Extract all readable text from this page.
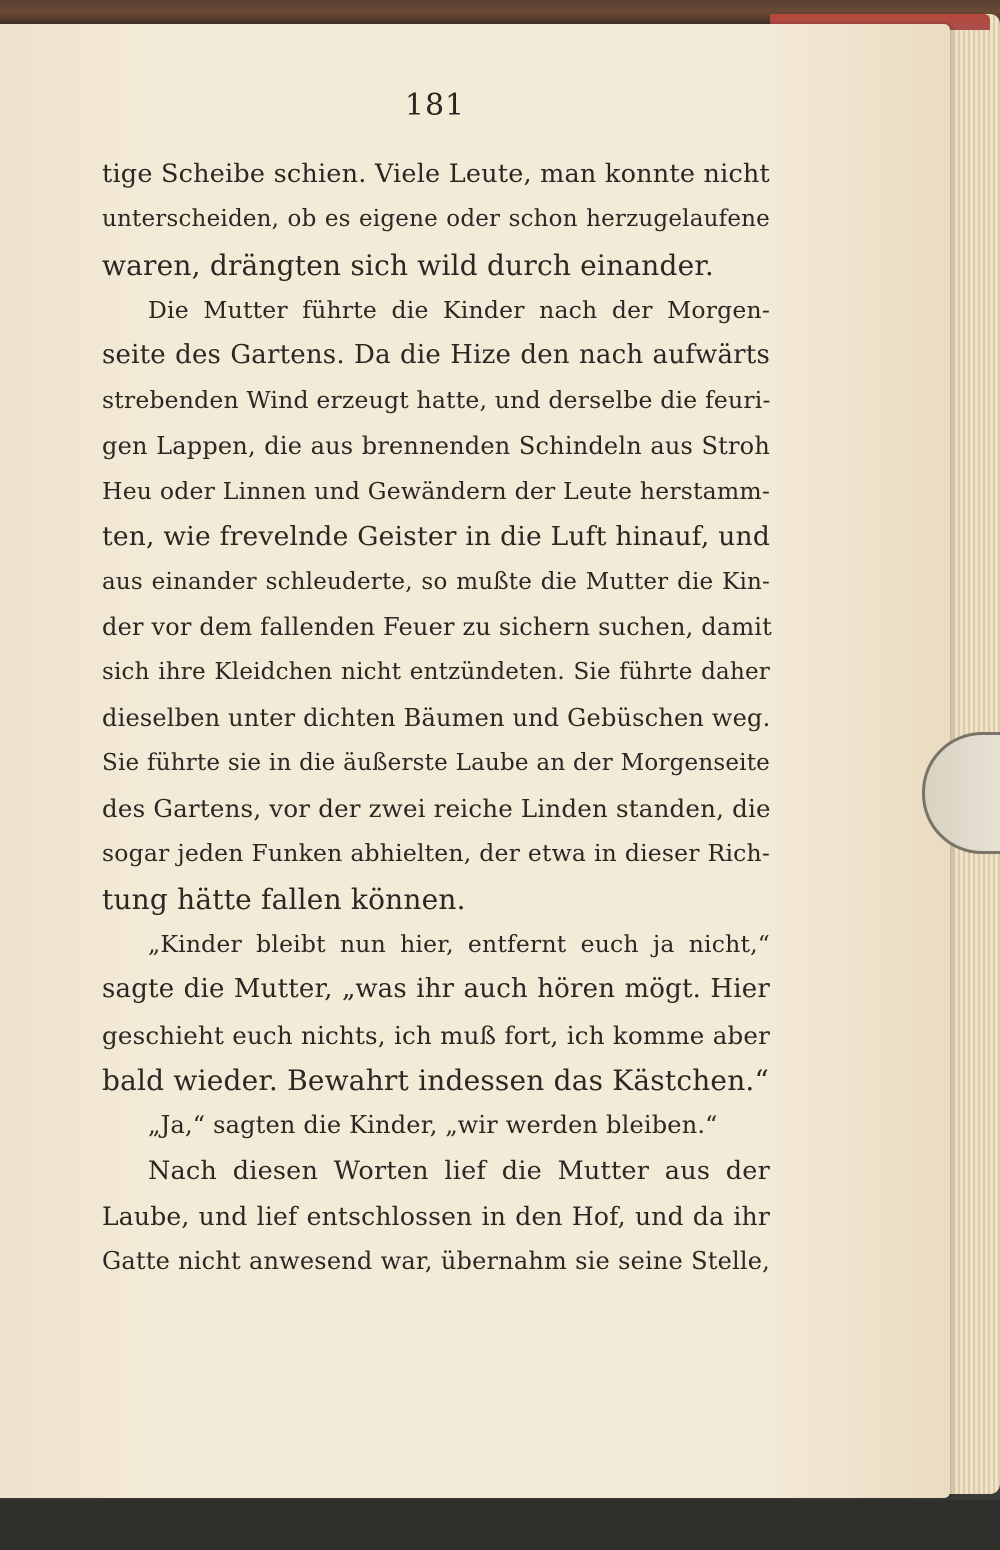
181
tige Scheibe schien. Viele Leute, man konnte nicht
unterscheiden, ob es eigene oder schon herzugelaufene
waren, drängten sich wild durch einander.
Die Mutter führte die Kinder nach der Morgen-
seite des Gartens. Da die Hize den nach aufwärts
strebenden Wind erzeugt hatte, und derselbe die feuri-
gen Lappen, die aus brennenden Schindeln aus Stroh
Heu oder Linnen und Gewändern der Leute herstamm-
ten, wie frevelnde Geister in die Luft hinauf, und
aus einander schleuderte, so mußte die Mutter die Kin-
der vor dem fallenden Feuer zu sichern suchen, damit
sich ihre Kleidchen nicht entzündeten. Sie führte daher
dieselben unter dichten Bäumen und Gebüschen weg.
Sie führte sie in die äußerste Laube an der Morgenseite
des Gartens, vor der zwei reiche Linden standen, die
sogar jeden Funken abhielten, der etwa in dieser Rich-
tung hätte fallen können.
„Kinder bleibt nun hier, entfernt euch ja nicht,“
sagte die Mutter, „was ihr auch hören mögt. Hier
geschieht euch nichts, ich muß fort, ich komme aber
bald wieder. Bewahrt indessen das Kästchen.“
„Ja,“ sagten die Kinder, „wir werden bleiben.“
Nach diesen Worten lief die Mutter aus der
Laube, und lief entschlossen in den Hof, und da ihr
Gatte nicht anwesend war, übernahm sie seine Stelle,
